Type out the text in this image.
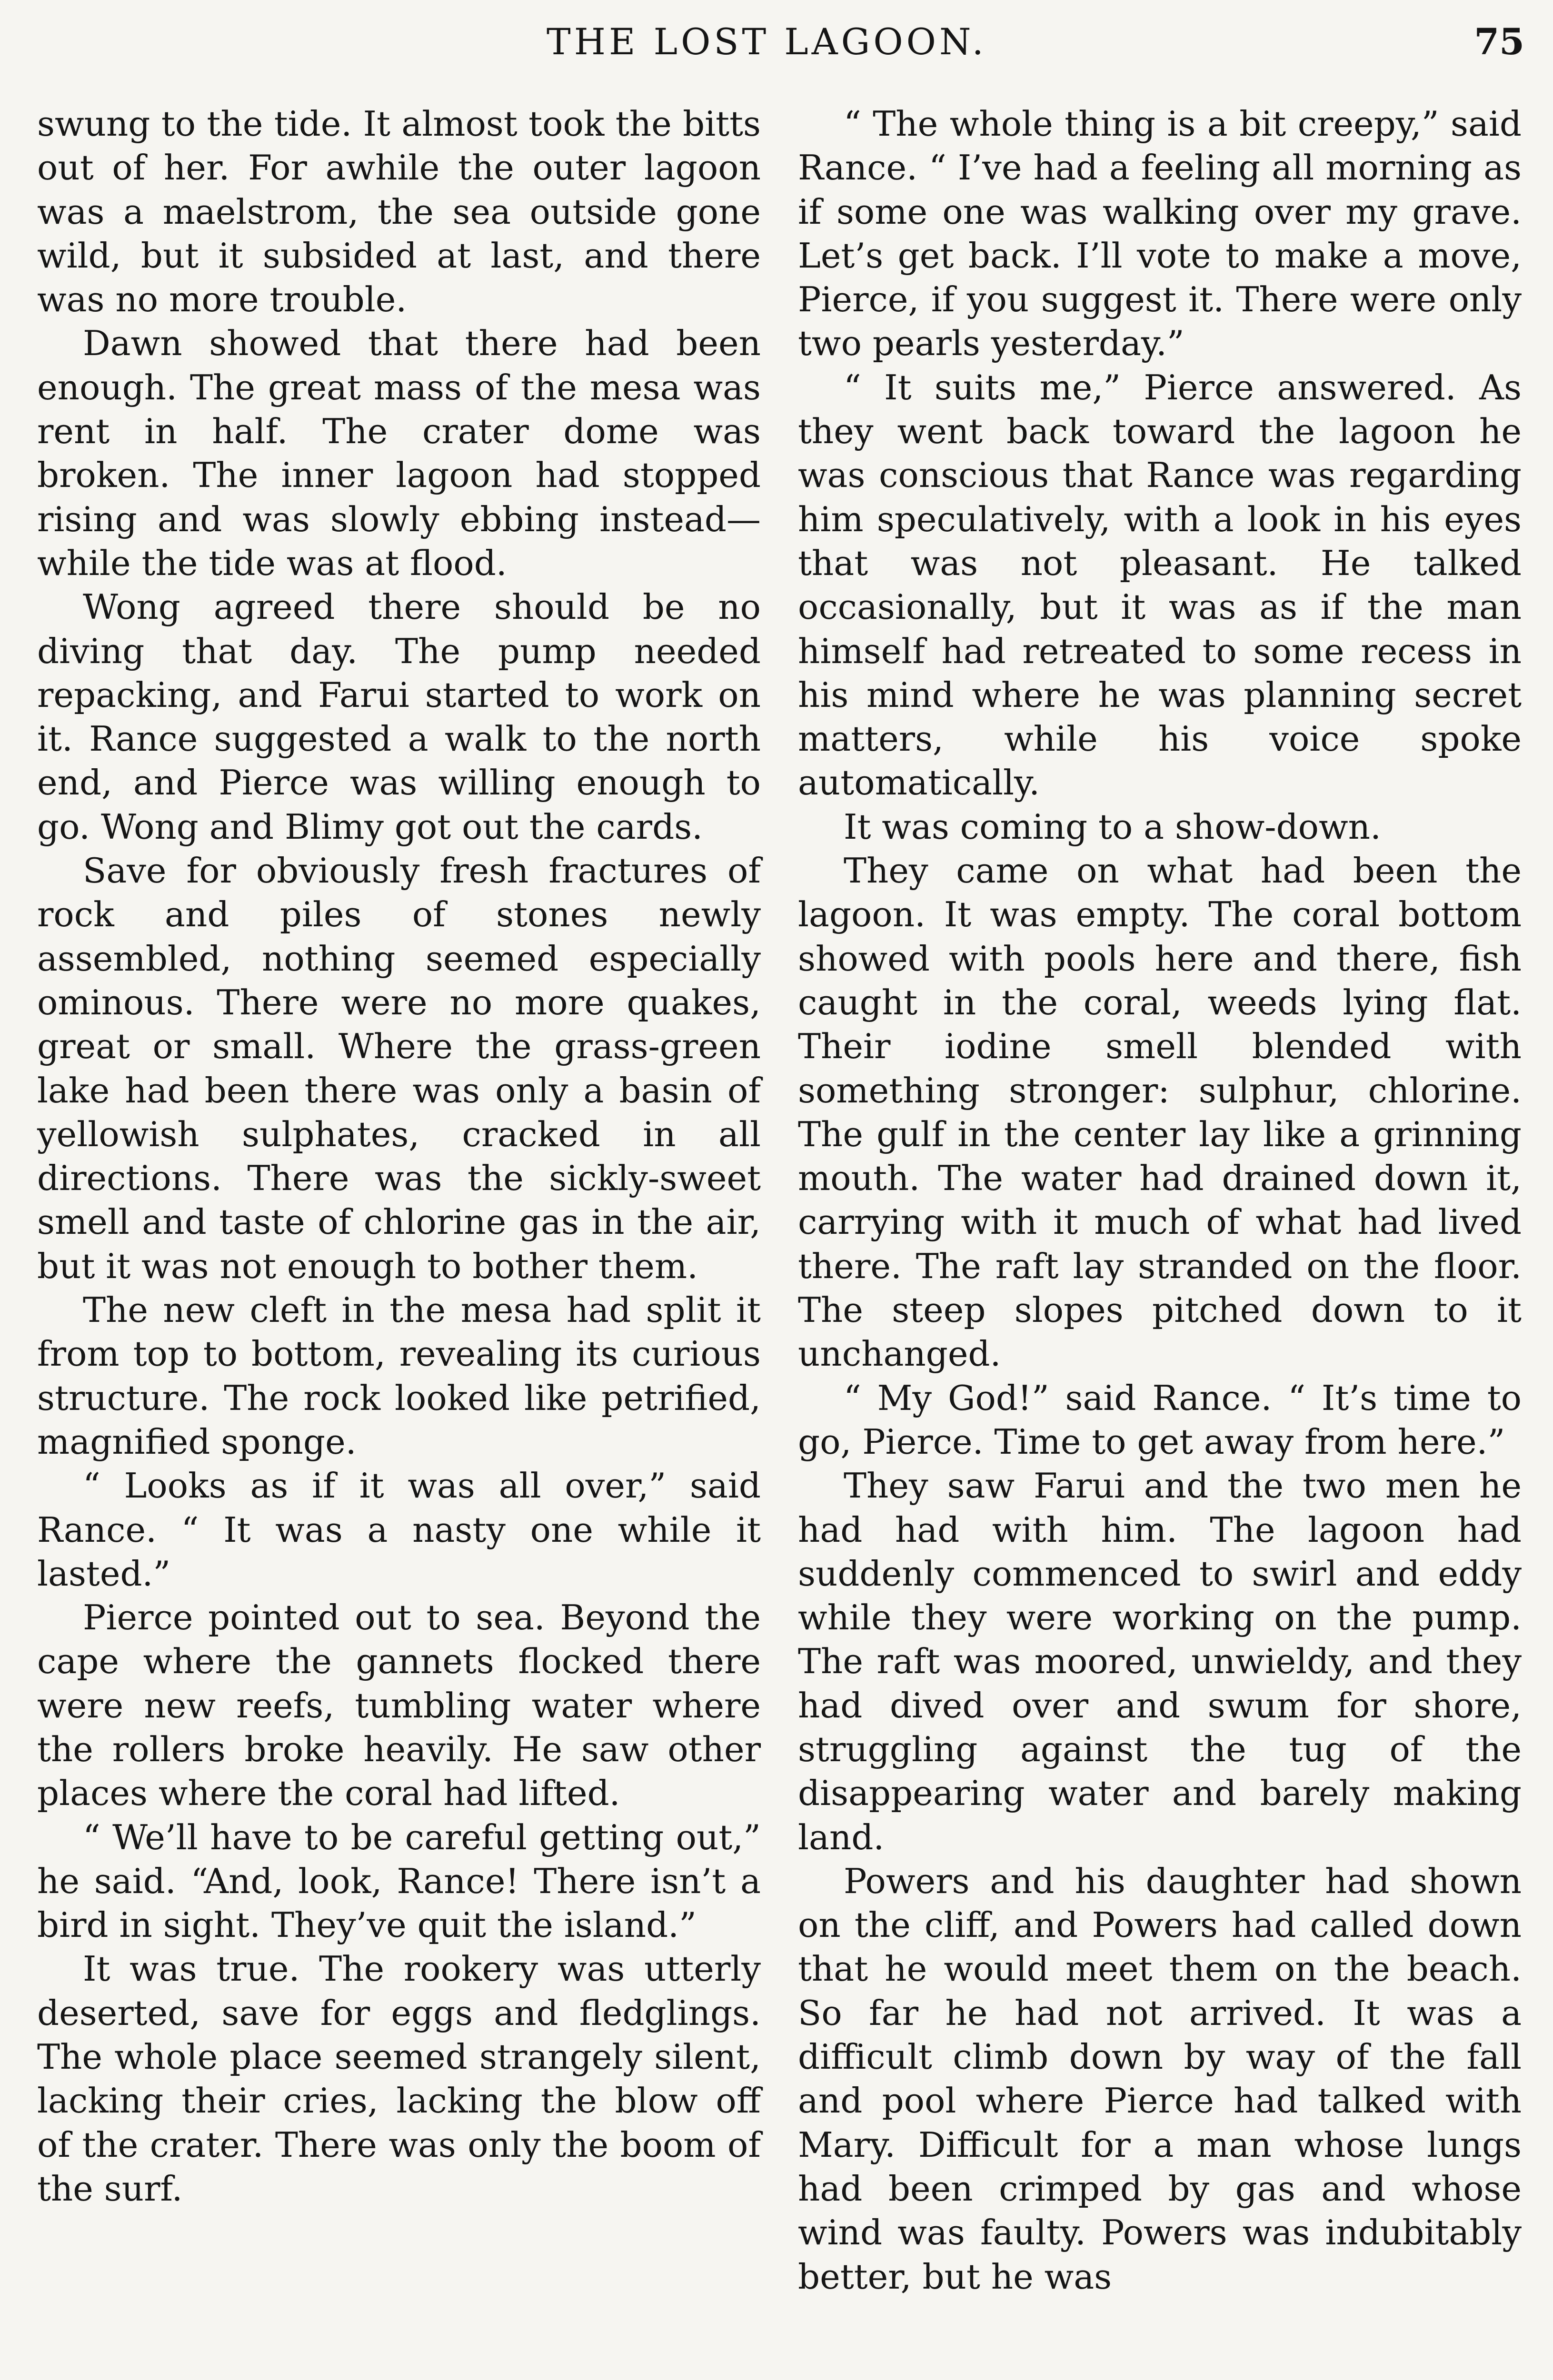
THE LOST LAGOON.	75

swung to the tide. It almost took the bitts out of her. For awhile the outer lagoon was a maelstrom, the sea outside gone wild, but it subsided at last, and there was no more trouble.

Dawn showed that there had been enough. The great mass of the mesa was rent in half. The crater dome was broken. The inner lagoon had stopped rising and was slowly ebbing instead—while the tide was at flood.

Wong agreed there should be no diving that day. The pump needed repacking, and Farui started to work on it. Rance suggested a walk to the north end, and Pierce was willing enough to go. Wong and Blimy got out the cards.

Save for obviously fresh fractures of rock and piles of stones newly assembled, nothing seemed especially ominous. There were no more quakes, great or small. Where the grass-green lake had been there was only a basin of yellowish sulphates, cracked in all directions. There was the sickly-sweet smell and taste of chlorine gas in the air, but it was not enough to bother them.

The new cleft in the mesa had split it from top to bottom, revealing its curious structure. The rock looked like petrified, magnified sponge.

“ Looks as if it was all over,” said Rance. “ It was a nasty one while it lasted.”

Pierce pointed out to sea. Beyond the cape where the gannets flocked there were new reefs, tumbling water where the rollers broke heavily. He saw other places where the coral had lifted.

“ We’ll have to be careful getting out,” he said. “And, look, Rance! There isn’t a bird in sight. They’ve quit the island.”

It was true. The rookery was utterly deserted, save for eggs and fledglings. The whole place seemed strangely silent, lacking their cries, lacking the blow off of the crater. There was only the boom of the surf.

“ The whole thing is a bit creepy,” said Rance. “ I’ve had a feeling all morning as if some one was walking over my grave. Let’s get back. I’ll vote to make a move, Pierce, if you suggest it. There were only two pearls yesterday.”

“ It suits me,” Pierce answered. As they went back toward the lagoon he was conscious that Rance was regarding him speculatively, with a look in his eyes that was not pleasant. He talked occasionally, but it was as if the man himself had retreated to some recess in his mind where he was planning secret matters, while his voice spoke automatically.

It was coming to a show-down.

They came on what had been the lagoon. It was empty. The coral bottom showed with pools here and there, fish caught in the coral, weeds lying flat. Their iodine smell blended with something stronger: sulphur, chlorine. The gulf in the center lay like a grinning mouth. The water had drained down it, carrying with it much of what had lived there. The raft lay stranded on the floor. The steep slopes pitched down to it unchanged.

“ My God!” said Rance. “ It’s time to go, Pierce. Time to get away from here.”

They saw Farui and the two men he had had with him. The lagoon had suddenly commenced to swirl and eddy while they were working on the pump. The raft was moored, unwieldy, and they had dived over and swum for shore, struggling against the tug of the disappearing water and barely making land.

Powers and his daughter had shown on the cliff, and Powers had called down that he would meet them on the beach. So far he had not arrived. It was a difficult climb down by way of the fall and pool where Pierce had talked with Mary. Difficult for a man whose lungs had been crimped by gas and whose wind was faulty. Powers was indubitably better, but he was
